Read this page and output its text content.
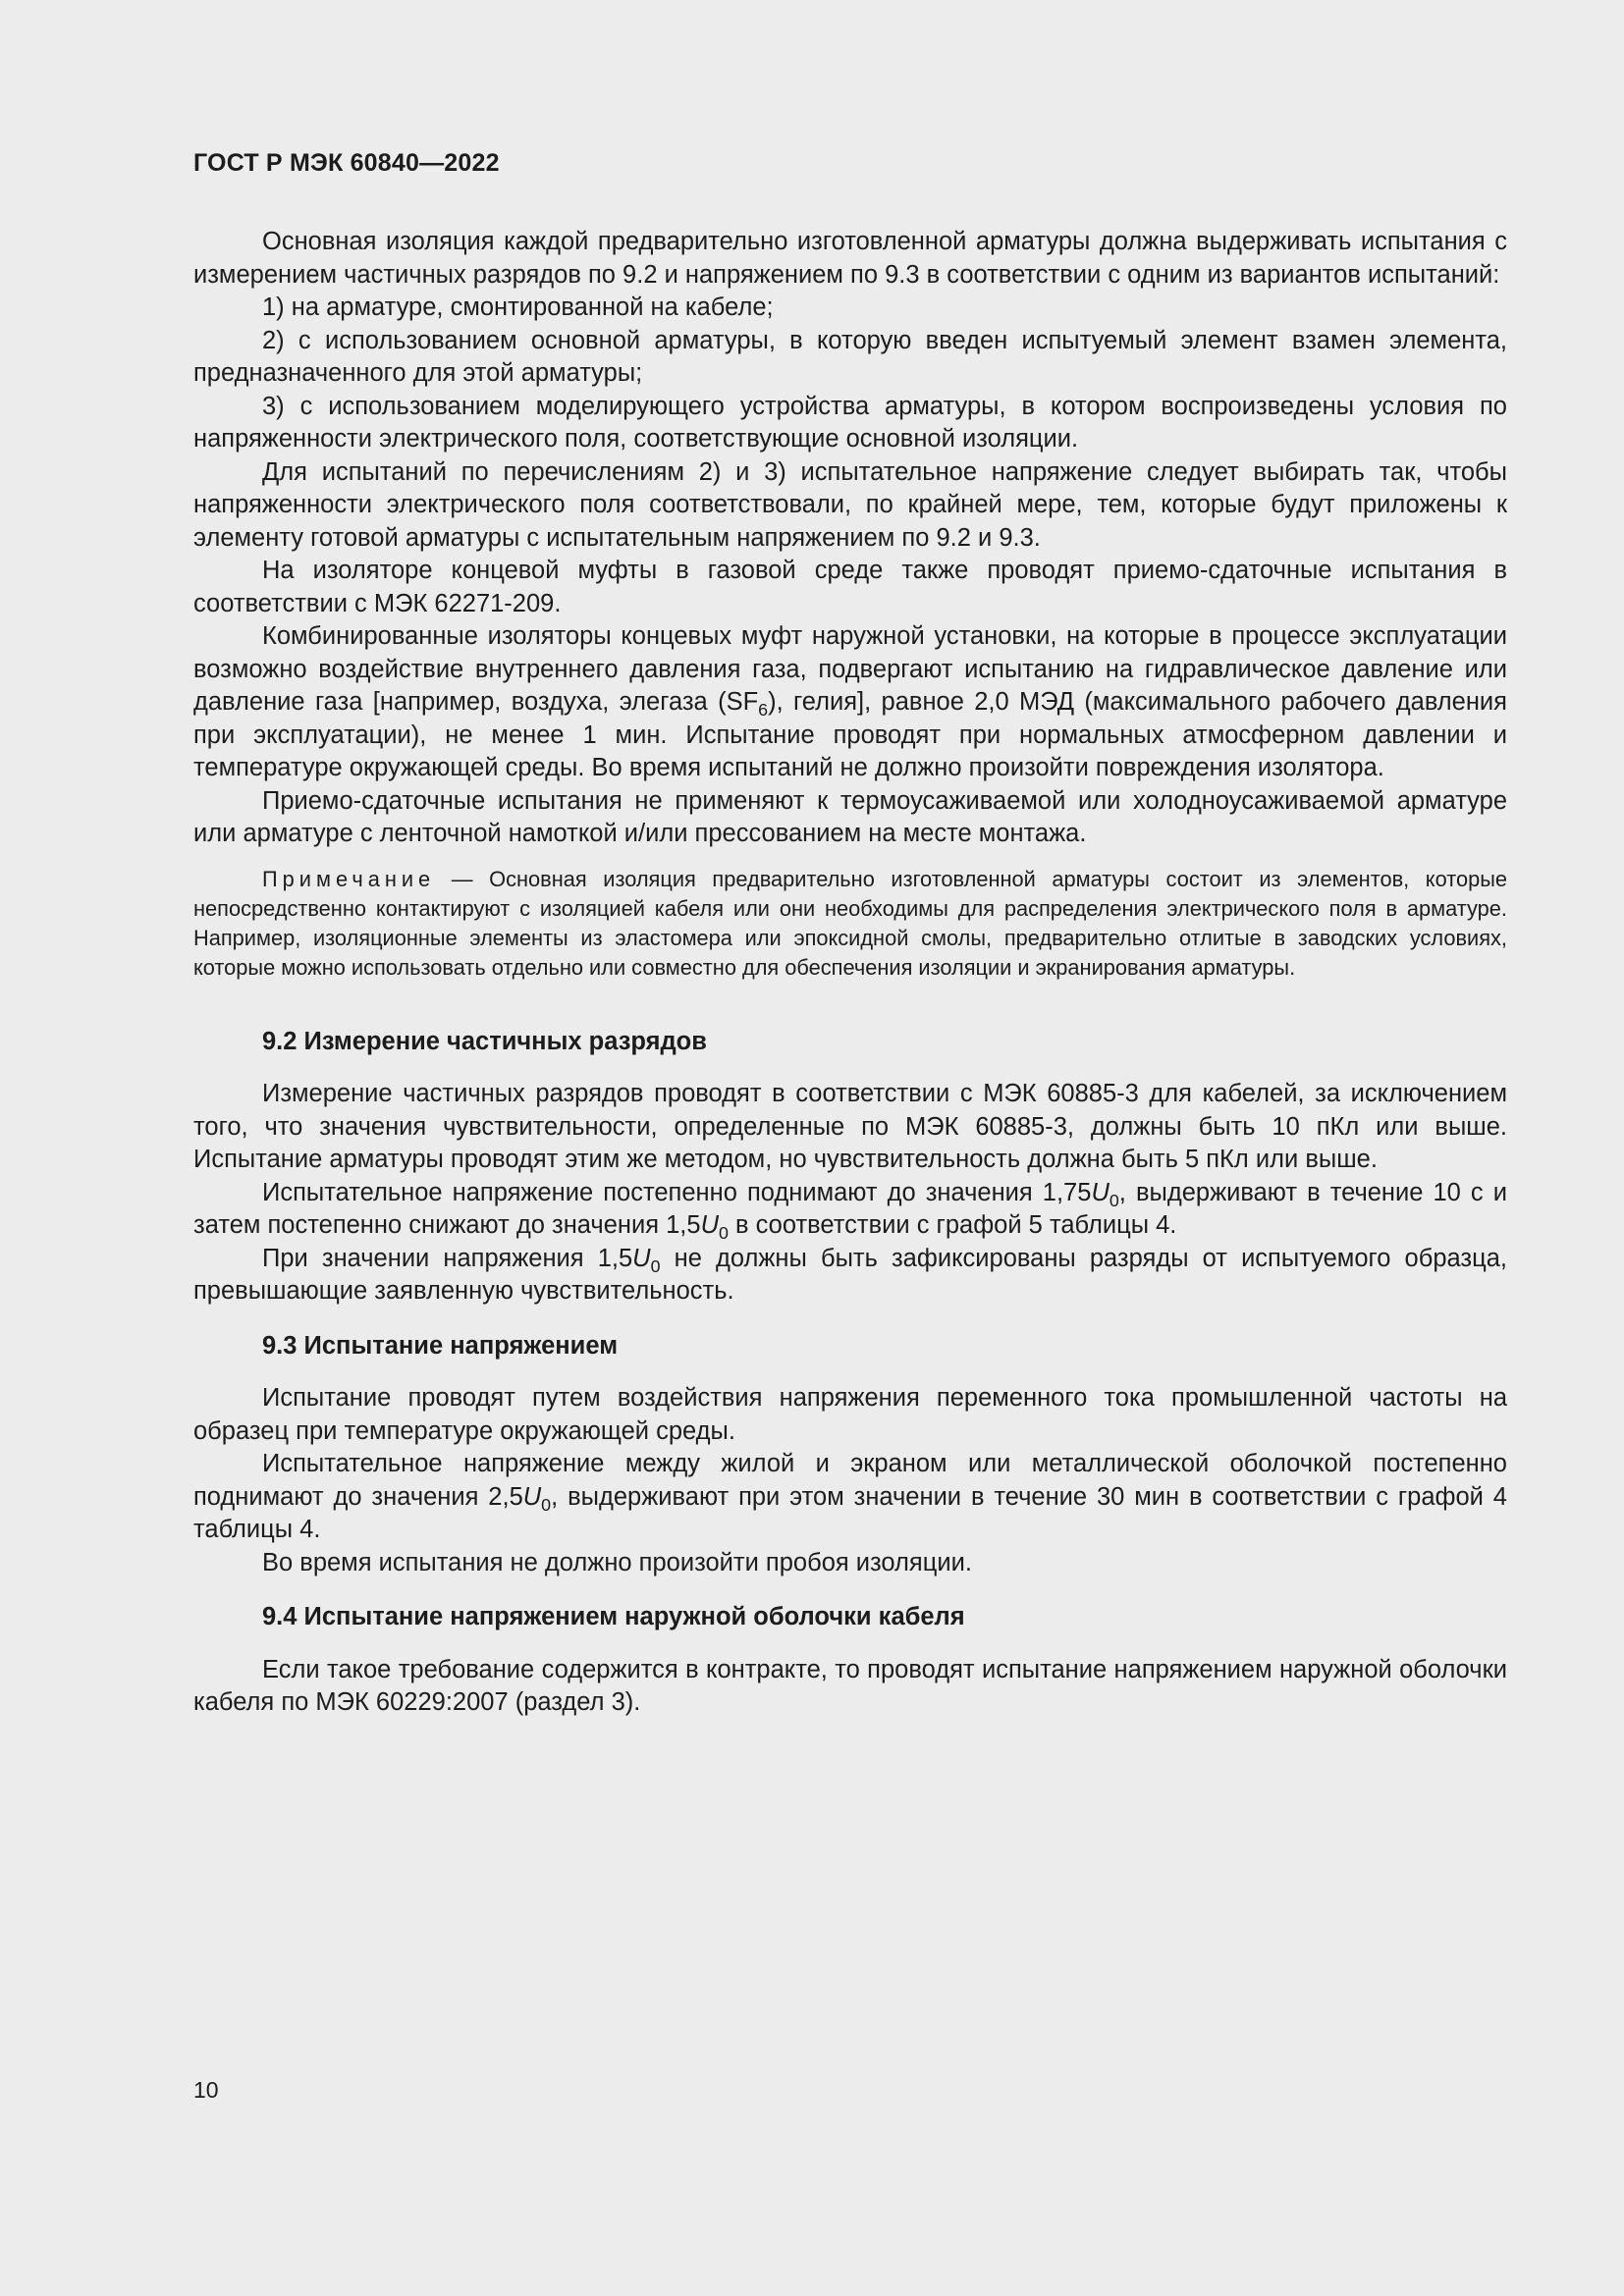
ГОСТ Р МЭК 60840—2022

Основная изоляция каждой предварительно изготовленной арматуры должна выдерживать испытания с измерением частичных разрядов по 9.2 и напряжением по 9.3 в соответствии с одним из вариантов испытаний:

1) на арматуре, смонтированной на кабеле;

2) с использованием основной арматуры, в которую введен испытуемый элемент взамен элемента, предназначенного для этой арматуры;

3) с использованием моделирующего устройства арматуры, в котором воспроизведены условия по напряженности электрического поля, соответствующие основной изоляции.

Для испытаний по перечислениям 2) и 3) испытательное напряжение следует выбирать так, чтобы напряженности электрического поля соответствовали, по крайней мере, тем, которые будут приложены к элементу готовой арматуры с испытательным напряжением по 9.2 и 9.3.

На изоляторе концевой муфты в газовой среде также проводят приемо-сдаточные испытания в соответствии с МЭК 62271-209.

Комбинированные изоляторы концевых муфт наружной установки, на которые в процессе эксплуатации возможно воздействие внутреннего давления газа, подвергают испытанию на гидравлическое давление или давление газа [например, воздуха, элегаза $(SF_6)$, гелия], равное 2,0 МЭД (максимального рабочего давления при эксплуатации), не менее 1 мин. Испытание проводят при нормальных атмосферном давлении и температуре окружающей среды. Во время испытаний не должно произойти повреждения изолятора.

Приемо-сдаточные испытания не применяют к термоусаживаемой или холодноусаживаемой арматуре или арматуре с ленточной намоткой и/или прессованием на месте монтажа.

Примечание — Основная изоляция предварительно изготовленной арматуры состоит из элементов, которые непосредственно контактируют с изоляцией кабеля или они необходимы для распределения электрического поля в арматуре. Например, изоляционные элементы из эластомера или эпоксидной смолы, предварительно отлитые в заводских условиях, которые можно использовать отдельно или совместно для обеспечения изоляции и экранирования арматуры.

9.2 Измерение частичных разрядов

Измерение частичных разрядов проводят в соответствии с МЭК 60885-3 для кабелей, за исключением того, что значения чувствительности, определенные по МЭК 60885-3, должны быть 10 пКл или выше. Испытание арматуры проводят этим же методом, но чувствительность должна быть 5 пКл или выше.

Испытательное напряжение постепенно поднимают до значения $1,75U_0$, выдерживают в течение 10 с и затем постепенно снижают до значения $1,5U_0$ в соответствии с графой 5 таблицы 4.

При значении напряжения $1,5U_0$ не должны быть зафиксированы разряды от испытуемого образца, превышающие заявленную чувствительность.

9.3 Испытание напряжением

Испытание проводят путем воздействия напряжения переменного тока промышленной частоты на образец при температуре окружающей среды.

Испытательное напряжение между жилой и экраном или металлической оболочкой постепенно поднимают до значения $2,5U_0$, выдерживают при этом значении в течение 30 мин в соответствии с графой 4 таблицы 4.

Во время испытания не должно произойти пробоя изоляции.

9.4 Испытание напряжением наружной оболочки кабеля

Если такое требование содержится в контракте, то проводят испытание напряжением наружной оболочки кабеля по МЭК 60229:2007 (раздел 3).

10
